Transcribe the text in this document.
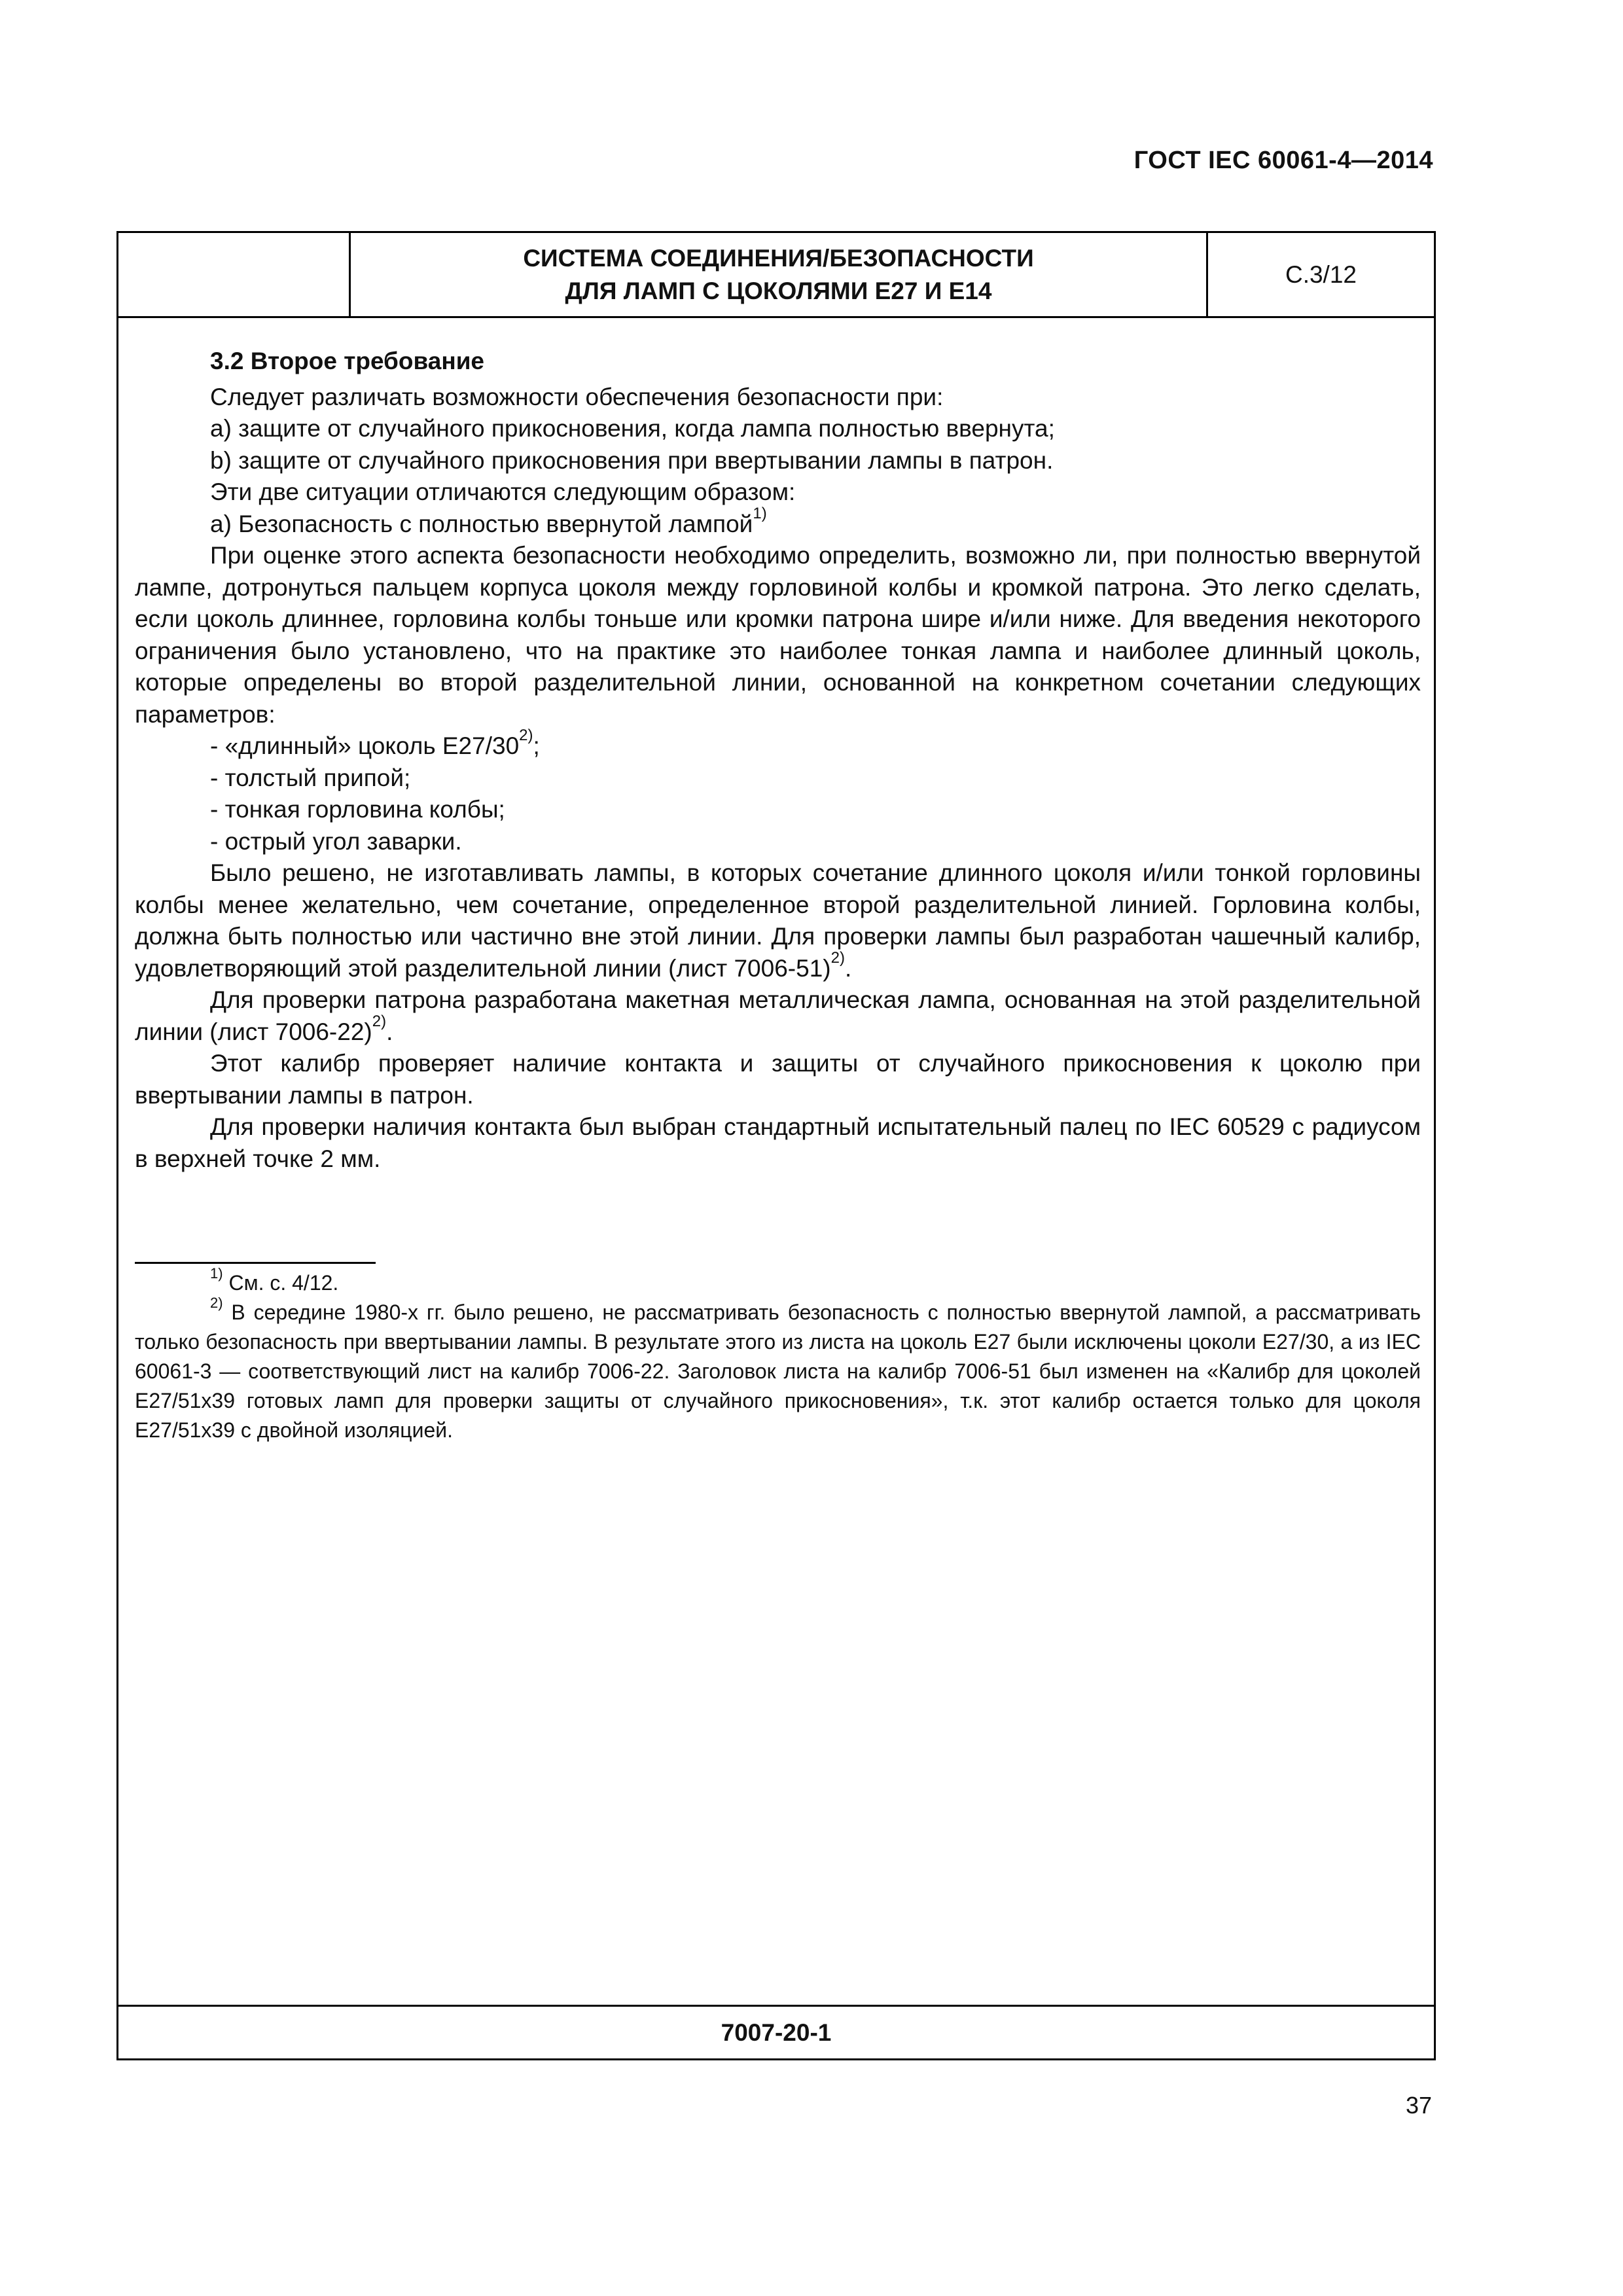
ГОСТ IEC 60061-4—2014
СИСТЕМА СОЕДИНЕНИЯ/БЕЗОПАСНОСТИ
ДЛЯ ЛАМП С ЦОКОЛЯМИ Е27 И Е14
С.3/12

3.2 Второе требование

Следует различать возможности обеспечения безопасности при:

a) защите от случайного прикосновения, когда лампа полностью ввернута;

b) защите от случайного прикосновения при ввертывании лампы в патрон.

Эти две ситуации отличаются следующим образом:

a) Безопасность с полностью ввернутой лампой$^{1)}$

При оценке этого аспекта безопасности необходимо определить, возможно ли, при полностью ввернутой лампе, дотронуться пальцем корпуса цоколя между горловиной колбы и кромкой патрона. Это легко сделать, если цоколь длиннее, горловина колбы тоньше или кромки патрона шире и/или ниже. Для введения некоторого ограничения было установлено, что на практике это наиболее тонкая лампа и наиболее длинный цоколь, которые определены во второй разделительной линии, основанной на конкретном сочетании следующих параметров:

- «длинный» цоколь Е27/30$^{2)}$;

- толстый припой;

- тонкая горловина колбы;

- острый угол заварки.

Было решено, не изготавливать лампы, в которых сочетание длинного цоколя и/или тонкой горловины колбы менее желательно, чем сочетание, определенное второй разделительной линией. Горловина колбы, должна быть полностью или частично вне этой линии. Для проверки лампы был разработан чашечный калибр, удовлетворяющий этой разделительной линии (лист 7006-51)$^{2)}$.

Для проверки патрона разработана макетная металлическая лампа, основанная на этой разделительной линии (лист 7006-22)$^{2)}$.

Этот калибр проверяет наличие контакта и защиты от случайного прикосновения к цоколю при ввертывании лампы в патрон.

Для проверки наличия контакта был выбран стандартный испытательный палец по IEC 60529 с радиусом в верхней точке 2 мм.

$^{1)}$ См. с. 4/12.

$^{2)}$ В середине 1980-х гг. было решено, не рассматривать безопасность с полностью ввернутой лампой, а рассматривать только безопасность при ввертывании лампы. В результате этого из листа на цоколь Е27 были исключены цоколи Е27/30, а из IEC 60061-3 — соответствующий лист на калибр 7006-22. Заголовок листа на калибр 7006-51 был изменен на «Калибр для цоколей Е27/51х39 готовых ламп для проверки защиты от случайного прикосновения», т.к. этот калибр остается только для цоколя Е27/51х39 с двойной изоляцией.

7007-20-1
37
